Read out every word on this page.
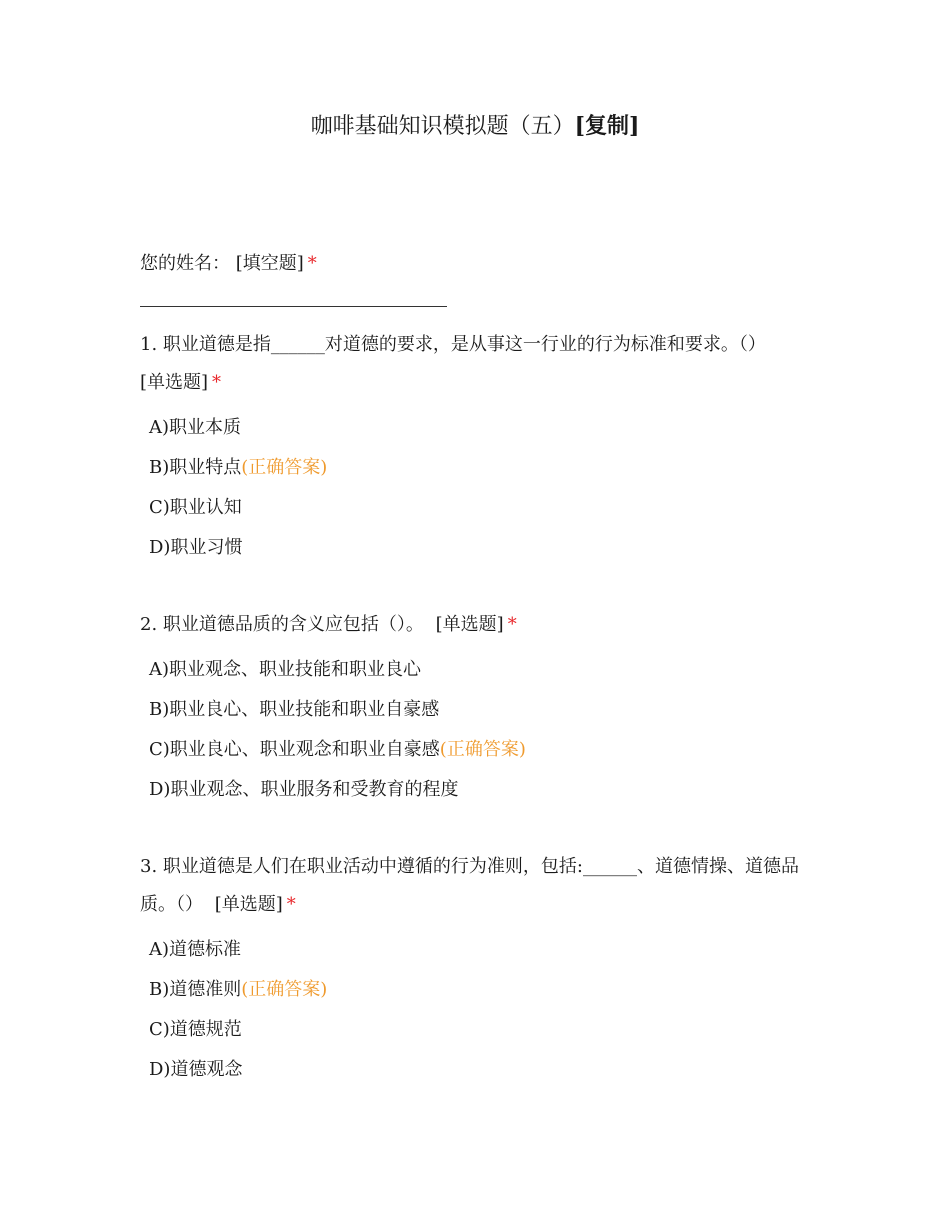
咖啡基础知识模拟题（五）[复制]
您的姓名： [填空题] *
1. 职业道德是指______对道德的要求，是从事这一行业的行为标准和要求。（）
[单选题] *
A)职业本质
B)职业特点(正确答案)
C)职业认知
D)职业习惯
2. 职业道德品质的含义应包括（）。 [单选题] *
A)职业观念、职业技能和职业良心
B)职业良心、职业技能和职业自豪感
C)职业良心、职业观念和职业自豪感(正确答案)
D)职业观念、职业服务和受教育的程度
3. 职业道德是人们在职业活动中遵循的行为准则，包括:______、道德情操、道德品质。（） [单选题] *
A)道德标准
B)道德准则(正确答案)
C)道德规范
D)道德观念
